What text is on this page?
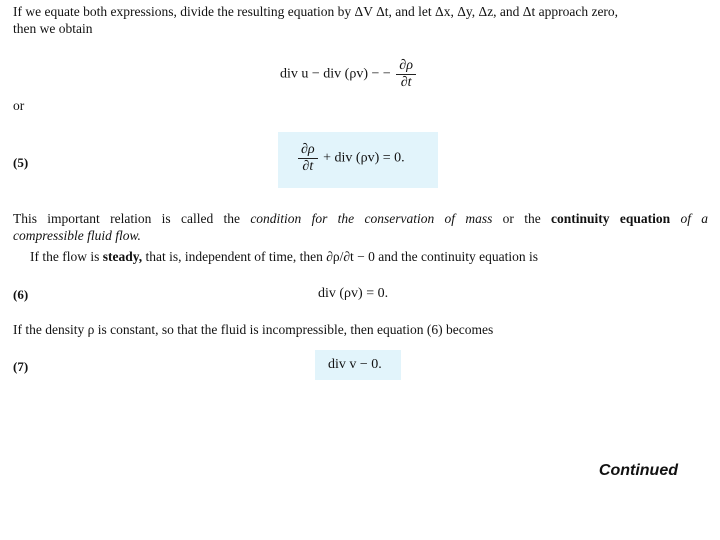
If we equate both expressions, divide the resulting equation by ΔV Δt, and let Δx, Δy, Δz, and Δt approach zero,
then we obtain
div u − div (ρv) − − $\frac{\partial\rho}{\partial t}$
or
(5)	$\frac{\partial\rho}{\partial t}$ + div (ρv) = 0.
This important relation is called the condition for the conservation of mass or the continuity equation of a
compressible fluid flow.
If the flow is steady, that is, independent of time, then ∂ρ/∂t − 0 and the continuity equation is
(6)	div (ρv) = 0.
If the density ρ is constant, so that the fluid is incompressible, then equation (6) becomes
(7)	div v − 0.
Continued
